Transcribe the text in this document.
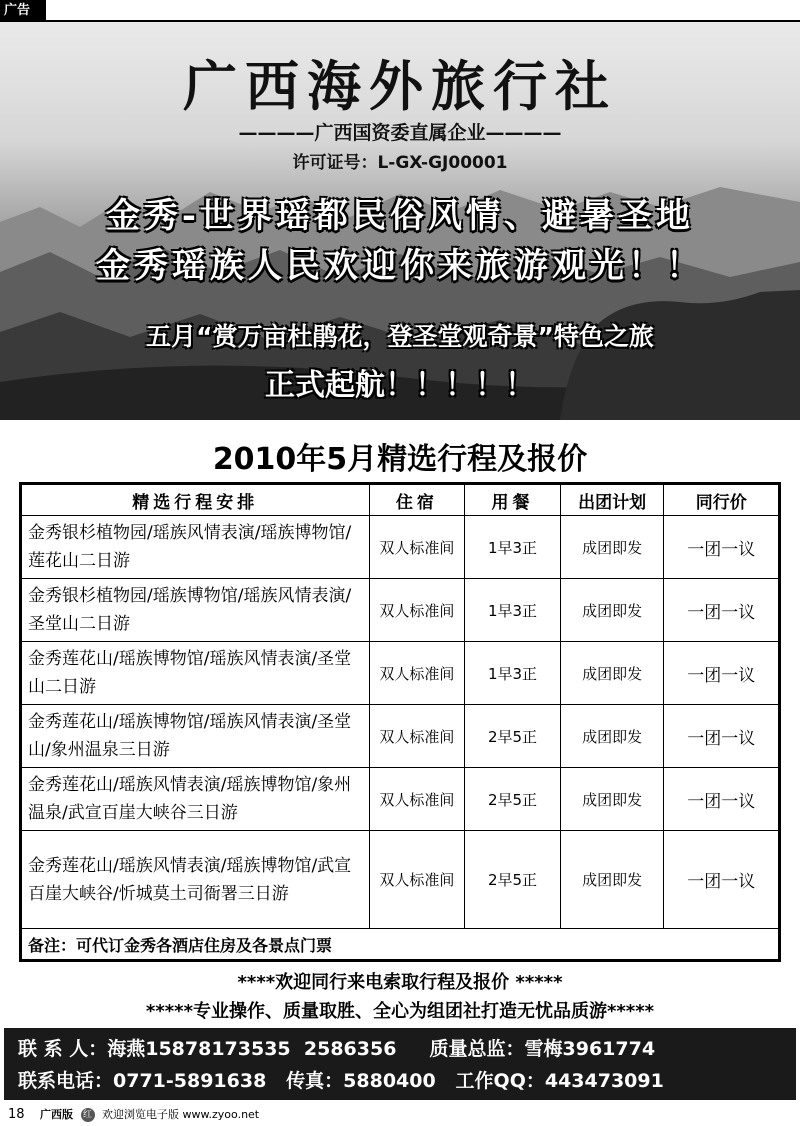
广告
广西海外旅行社
————广西国资委直属企业————
许可证号：L-GX-GJ00001
金秀-世界瑶都民俗风情、避暑圣地
金秀瑶族人民欢迎你来旅游观光！！
五月“赏万亩杜鹃花，登圣堂观奇景”特色之旅
正式起航！！！！！
2010年5月精选行程及报价
精选行程安排	住宿	用餐	出团计划	同行价
金秀银杉植物园/瑶族风情表演/瑶族博物馆/莲花山二日游	双人标准间	1早3正	成团即发	一团一议
金秀银杉植物园/瑶族博物馆/瑶族风情表演/圣堂山二日游	双人标准间	1早3正	成团即发	一团一议
金秀莲花山/瑶族博物馆/瑶族风情表演/圣堂山二日游	双人标准间	1早3正	成团即发	一团一议
金秀莲花山/瑶族博物馆/瑶族风情表演/圣堂山/象州温泉三日游	双人标准间	2早5正	成团即发	一团一议
金秀莲花山/瑶族风情表演/瑶族博物馆/象州温泉/武宣百崖大峡谷三日游	双人标准间	2早5正	成团即发	一团一议
金秀莲花山/瑶族风情表演/瑶族博物馆/武宣百崖大峡谷/忻城莫土司衙署三日游	双人标准间	2早5正	成团即发	一团一议
备注：可代订金秀各酒店住房及各景点门票				
****欢迎同行来电索取行程及报价 *****
*****专业操作、质量取胜、全心为组团社打造无忧品质游*****
联 系 人：海燕15878173535  2586356     质量总监：雪梅3961774
联系电话：0771-5891638   传真：5880400   工作QQ：443473091
18 广西版 红 欢迎浏览电子版 www.zyoo.net
